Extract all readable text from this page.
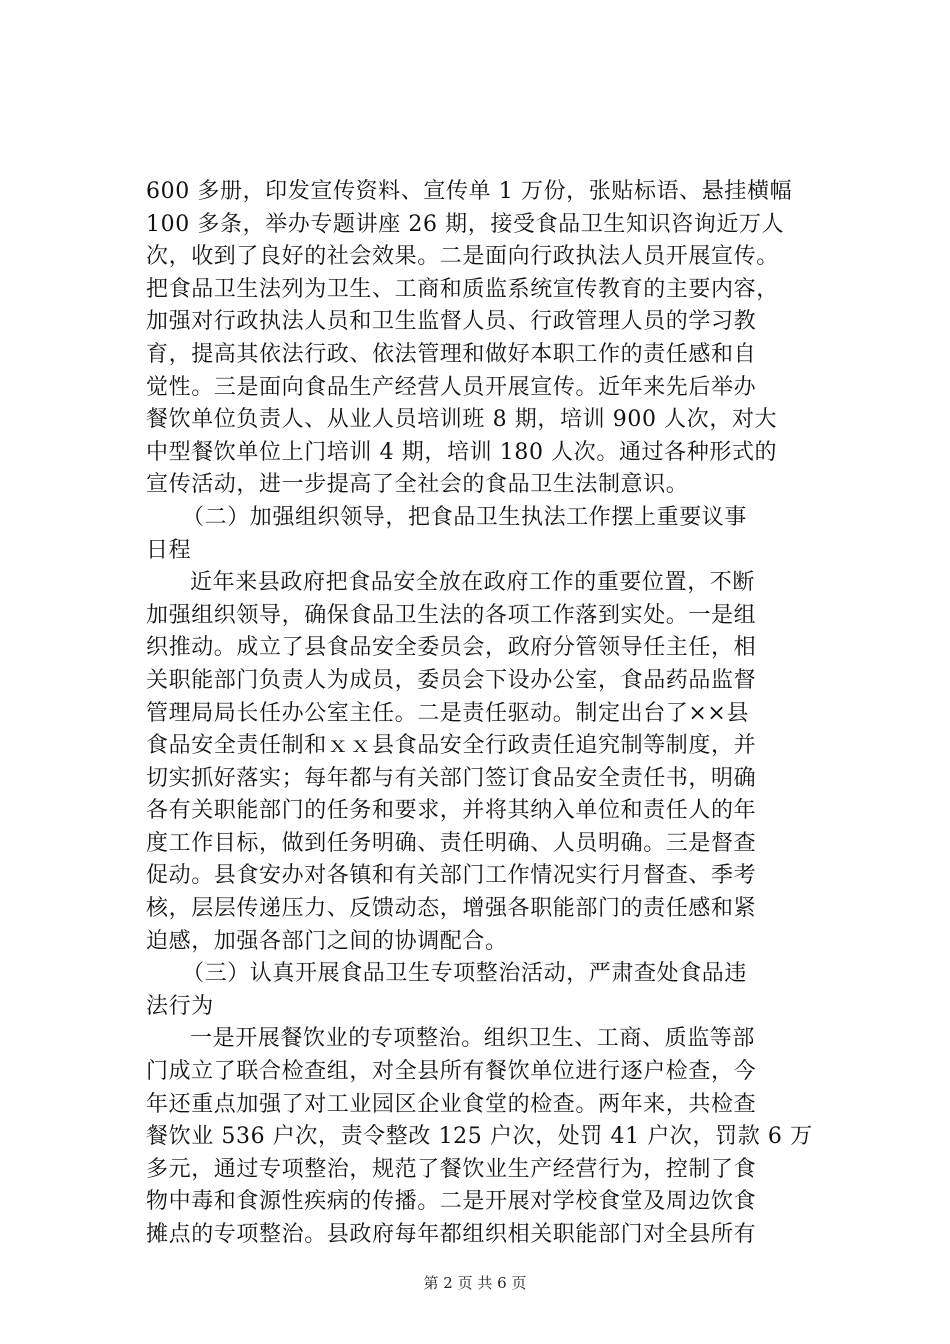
600 多册，印发宣传资料、宣传单 1 万份，张贴标语、悬挂横幅
100 多条，举办专题讲座 26 期，接受食品卫生知识咨询近万人
次，收到了良好的社会效果。二是面向行政执法人员开展宣传。
把食品卫生法列为卫生、工商和质监系统宣传教育的主要内容，
加强对行政执法人员和卫生监督人员、行政管理人员的学习教
育，提高其依法行政、依法管理和做好本职工作的责任感和自
觉性。三是面向食品生产经营人员开展宣传。近年来先后举办
餐饮单位负责人、从业人员培训班 8 期，培训 900 人次，对大
中型餐饮单位上门培训 4 期，培训 180 人次。通过各种形式的
宣传活动，进一步提高了全社会的食品卫生法制意识。
（二）加强组织领导，把食品卫生执法工作摆上重要议事
日程
近年来县政府把食品安全放在政府工作的重要位置，不断
加强组织领导，确保食品卫生法的各项工作落到实处。一是组
织推动。成立了县食品安全委员会，政府分管领导任主任，相
关职能部门负责人为成员，委员会下设办公室，食品药品监督
管理局局长任办公室主任。二是责任驱动。制定出台了××县
食品安全责任制和ｘｘ县食品安全行政责任追究制等制度，并
切实抓好落实；每年都与有关部门签订食品安全责任书，明确
各有关职能部门的任务和要求，并将其纳入单位和责任人的年
度工作目标，做到任务明确、责任明确、人员明确。三是督查
促动。县食安办对各镇和有关部门工作情况实行月督查、季考
核，层层传递压力、反馈动态，增强各职能部门的责任感和紧
迫感，加强各部门之间的协调配合。
（三）认真开展食品卫生专项整治活动，严肃查处食品违
法行为
一是开展餐饮业的专项整治。组织卫生、工商、质监等部
门成立了联合检查组，对全县所有餐饮单位进行逐户检查，今
年还重点加强了对工业园区企业食堂的检查。两年来，共检查
餐饮业 536 户次，责令整改 125 户次，处罚 41 户次，罚款 6 万
多元，通过专项整治，规范了餐饮业生产经营行为，控制了食
物中毒和食源性疾病的传播。二是开展对学校食堂及周边饮食
摊点的专项整治。县政府每年都组织相关职能部门对全县所有
第 2 页 共 6 页
